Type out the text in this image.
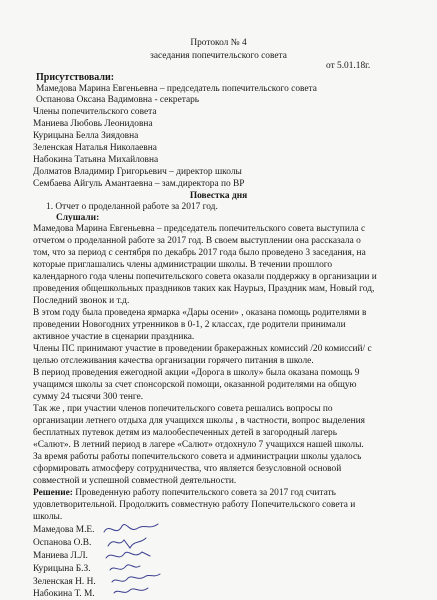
Протокол № 4
заседания попечительского совета
от 5.01.18г.
Присутствовали:
Мамедова Марина Евгеньевна – председатель попечительского совета
Оспанова Оксана Вадимовна - секретарь
Члены попечительского совета
Маниева Любовь Леонидовна
Курицына Белла Зиядовна
Зеленская Наталья Николаевна
Набокина Татьяна Михайловна
Долматов Владимир Григорьевич – директор школы
Сембаева Айгуль Амантаевна – зам.директора по ВР
Повестка дня
1. Отчет о проделанной работе за 2017 год.
Слушали:
Мамедова Марина Евгеньевна – председатель попечительского совета выступила с
отчетом о проделанной работе за 2017 год. В своем выступлении она рассказала о
том, что за период с сентября по декабрь 2017 года было проведено 3 заседания, на
которые приглашались члены администрации школы. В течении прошлого
календарного года члены попечительского совета оказали поддержку в организации и
проведения общешкольных праздников таких как Наурыз, Праздник мам, Новый год,
Последний звонок и т.д.
В этом году была проведена ярмарка «Дары осени» , оказана помощь родителями в
проведении Новогодних утренников в 0-1, 2 классах, где родители принимали
активное участие в сценарии праздника.
Члены ПС принимают участие в проведении бракеражных комиссий /20 комиссий/ с
целью отслеживания качества организации горячего питания в школе.
В период проведения ежегодной акции «Дорога в школу» была оказана помощь 9
учащимся школы за счет спонсорской помощи, оказанной родителями на общую
сумму 24 тысячи 300 тенге.
Так же , при участии членов попечительского совета решались вопросы по
организации летнего отдыха для учащихся школы , в частности, вопрос выделения
бесплатных путевок детям из малообеспеченных детей в загородный лагерь
«Салют». В летний период в лагере «Салют» отдохнуло 7 учащихся нашей школы.
За время работы работы попечительского совета и администрации школы удалось
сформировать атмосферу сотрудничества, что является безусловной основой
совместной и успешной совместной деятельности.
Решение: Проведенную работу попечительского совета за 2017 год считать
удовлетворительной. Продолжить совместную работу Попечительского совета и
школы.
Мамедова М.Е.
Оспанова О.В.
Маниева Л.Л.
Курицына Б.З.
Зеленская Н. Н.
Набокина Т. М.
